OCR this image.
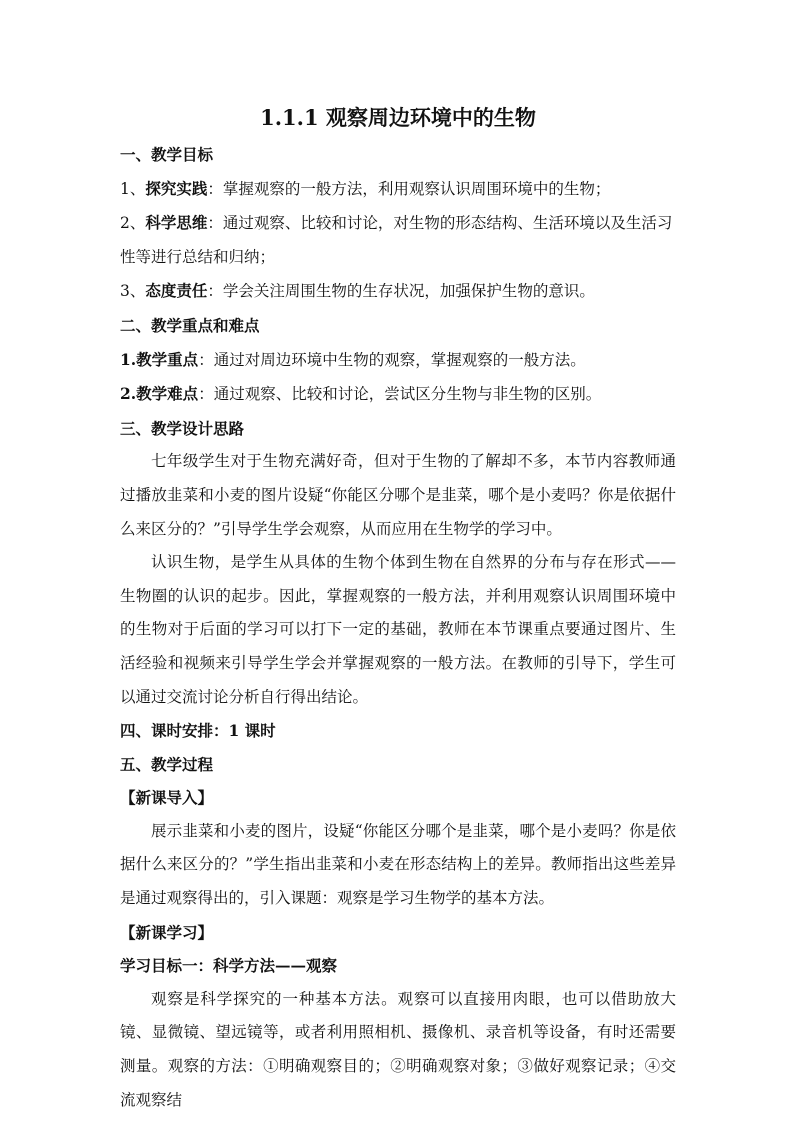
1.1.1 观察周边环境中的生物
一、教学目标
1、探究实践：掌握观察的一般方法，利用观察认识周围环境中的生物；
2、科学思维：通过观察、比较和讨论，对生物的形态结构、生活环境以及生活习性等进行总结和归纳；
3、态度责任：学会关注周围生物的生存状况，加强保护生物的意识。
二、教学重点和难点
1.教学重点：通过对周边环境中生物的观察，掌握观察的一般方法。
2.教学难点：通过观察、比较和讨论，尝试区分生物与非生物的区别。
三、教学设计思路

七年级学生对于生物充满好奇，但对于生物的了解却不多，本节内容教师通过播放韭菜和小麦的图片设疑“你能区分哪个是韭菜，哪个是小麦吗？你是依据什么来区分的？”引导学生学会观察，从而应用在生物学的学习中。

认识生物，是学生从具体的生物个体到生物在自然界的分布与存在形式——生物圈的认识的起步。因此，掌握观察的一般方法，并利用观察认识周围环境中的生物对于后面的学习可以打下一定的基础，教师在本节课重点要通过图片、生活经验和视频来引导学生学会并掌握观察的一般方法。在教师的引导下，学生可以通过交流讨论分析自行得出结论。

四、课时安排：1 课时
五、教学过程
【新课导入】

展示韭菜和小麦的图片，设疑“你能区分哪个是韭菜，哪个是小麦吗？你是依据什么来区分的？”学生指出韭菜和小麦在形态结构上的差异。教师指出这些差异是通过观察得出的，引入课题：观察是学习生物学的基本方法。

【新课学习】
学习目标一：科学方法——观察

观察是科学探究的一种基本方法。观察可以直接用肉眼，也可以借助放大镜、显微镜、望远镜等，或者利用照相机、摄像机、录音机等设备，有时还需要测量。观察的方法：①明确观察目的；②明确观察对象；③做好观察记录；④交流观察结
